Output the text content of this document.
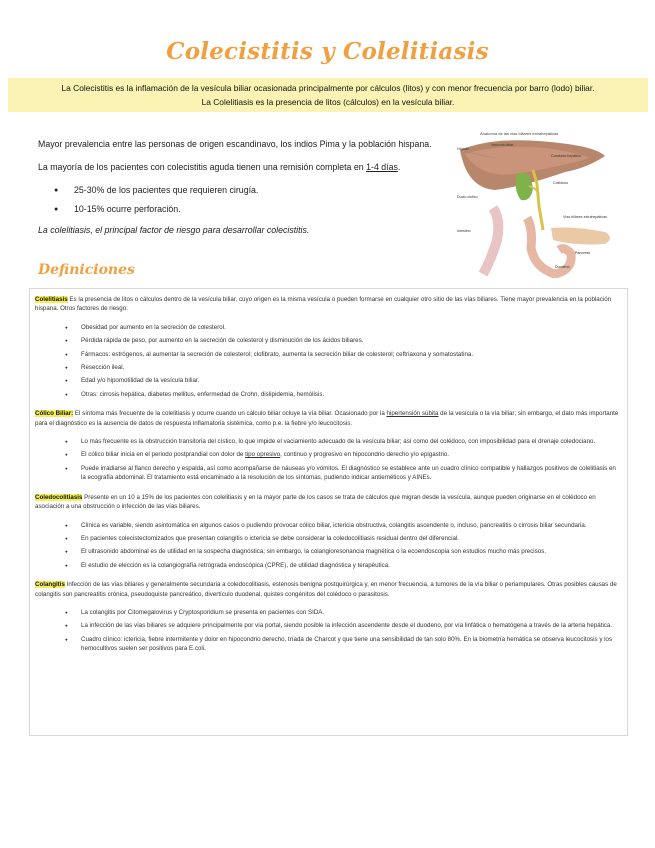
Colecistitis y Colelitiasis
La Colecistitis es la inflamación de la vesícula biliar ocasionada principalmente por cálculos (litos) y con menor frecuencia por barro (lodo) biliar.
La Colelitiasis es la presencia de litos (cálculos) en la vesícula biliar.

Mayor prevalencia entre las personas de origen escandinavo, los indios Pima y la población hispana.

La mayoría de los pacientes con colecistitis aguda tienen una remisión completa en 1-4 días.

● 25-30% de los pacientes que requieren cirugía.
● 10-15% ocurre perforación.

La colelitiasis, el principal factor de riesgo para desarrollar colecistitis.

Anatomía de las vías biliares extrahepáticas
Hígado
Vesícula biliar
Conducto hepático
Colédoco
Ducto cístico
Vías biliares extrahepáticas
Páncreas
Duodeno
Intestino
Definiciones

Colelitiasis Es la presencia de litos o cálculos dentro de la vesícula biliar, cuyo origen es la misma vesícula o pueden formarse en cualquier otro sitio de las vías biliares. Tiene mayor prevalencia en la población hispana. Otros factores de riesgo:

● Obesidad por aumento en la secreción de colesterol.
● Pérdida rápida de peso, por aumento en la secreción de colesterol y disminución de los ácidos biliares.
● Fármacos: estrógenos, al aumentar la secreción de colesterol; clofibrato, aumenta la secreción biliar de colesterol; ceftriaxona y somatostatina.
● Resección ileal.
● Edad y/o hipomotilidad de la vesícula biliar.
● Otras: cirrosis hepática, diabetes mellitus, enfermedad de Crohn, dislipidemia, hemólisis.

Cólico Biliar: El síntoma más frecuente de la colelitiasis y ocurre cuando un cálculo biliar ocluye la vía biliar. Ocasionado por la hipertensión súbita de la vesícula o la vía biliar; sin embargo, el dato más importante para el diagnóstico es la ausencia de datos de respuesta inflamatoria sistémica, como p.e. la fiebre y/o leucocitosis.

● Lo más frecuente es la obstrucción transitoria del cístico, lo que impide el vaciamiento adecuado de la vesícula biliar; así como del colédoco, con imposibilidad para el drenaje coledociano.
● El cólico biliar inicia en el periodo postprandial con dolor de tipo opresivo, continuo y progresivo en hipocondrio derecho y/o epigastrio.
● Puede irradiarse al flanco derecho y espalda, así como acompañarse de náuseas y/o vómitos. El diagnóstico se establece ante un cuadro clínico compatible y hallazgos positivos de colelitiasis en la ecografía abdominal. El tratamiento está encaminado a la resolución de los síntomas, pudiendo indicar antieméticos y AINEs.

Coledocolitiasis Presente en un 10 a 15% de los pacientes con colelitiasis y en la mayor parte de los casos se trata de cálculos que migran desde la vesícula, aunque pueden originarse en el colédoco en asociación a una obstrucción o infección de las vías biliares.

● Clínica es variable, siendo asintomática en algunos casos o pudiendo provocar cólico biliar, ictericia obstructiva, colangitis ascendente o, incluso, pancreatitis o cirrosis biliar secundaria.
● En pacientes colecistectomizados que presentan colangitis o ictericia se debe considerar la coledocolitiasis residual dentro del diferencial.
● El ultrasonido abdominal es de utilidad en la sospecha diagnóstica; sin embargo, la colangioresonancia magnética o la ecoendoscopia son estudios mucho más precisos.
● El estudio de elección es la colangiografía retrógrada endoscópica (CPRE), de utilidad diagnóstica y terapéutica.

Colangitis Infección de las vías biliares y generalmente secundaria a coledocolitiasis, estenosis benigna postquirúrgica y, en menor frecuencia, a tumores de la vía biliar o periampulares. Otras posibles causas de colangitis son pancreatitis crónica, pseudoquiste pancreático, divertículo duodenal, quistes congénitos del colédoco o parasitosis.

● La colangitis por Citomegalovirus y Cryptosporidium se presenta en pacientes con SIDA.
● La infección de las vías biliares se adquiere principalmente por vía portal, siendo posible la infección ascendente desde el duodeno, por vía linfática o hematógena a través de la arteria hepática.
● Cuadro clínico: ictericia, fiebre intermitente y dolor en hipocondrio derecho, tríada de Charcot y que tiene una sensibilidad de tan solo 80%. En la biometría hemática se observa leucocitosis y los hemocultivos suelen ser positivos para E.coli.
